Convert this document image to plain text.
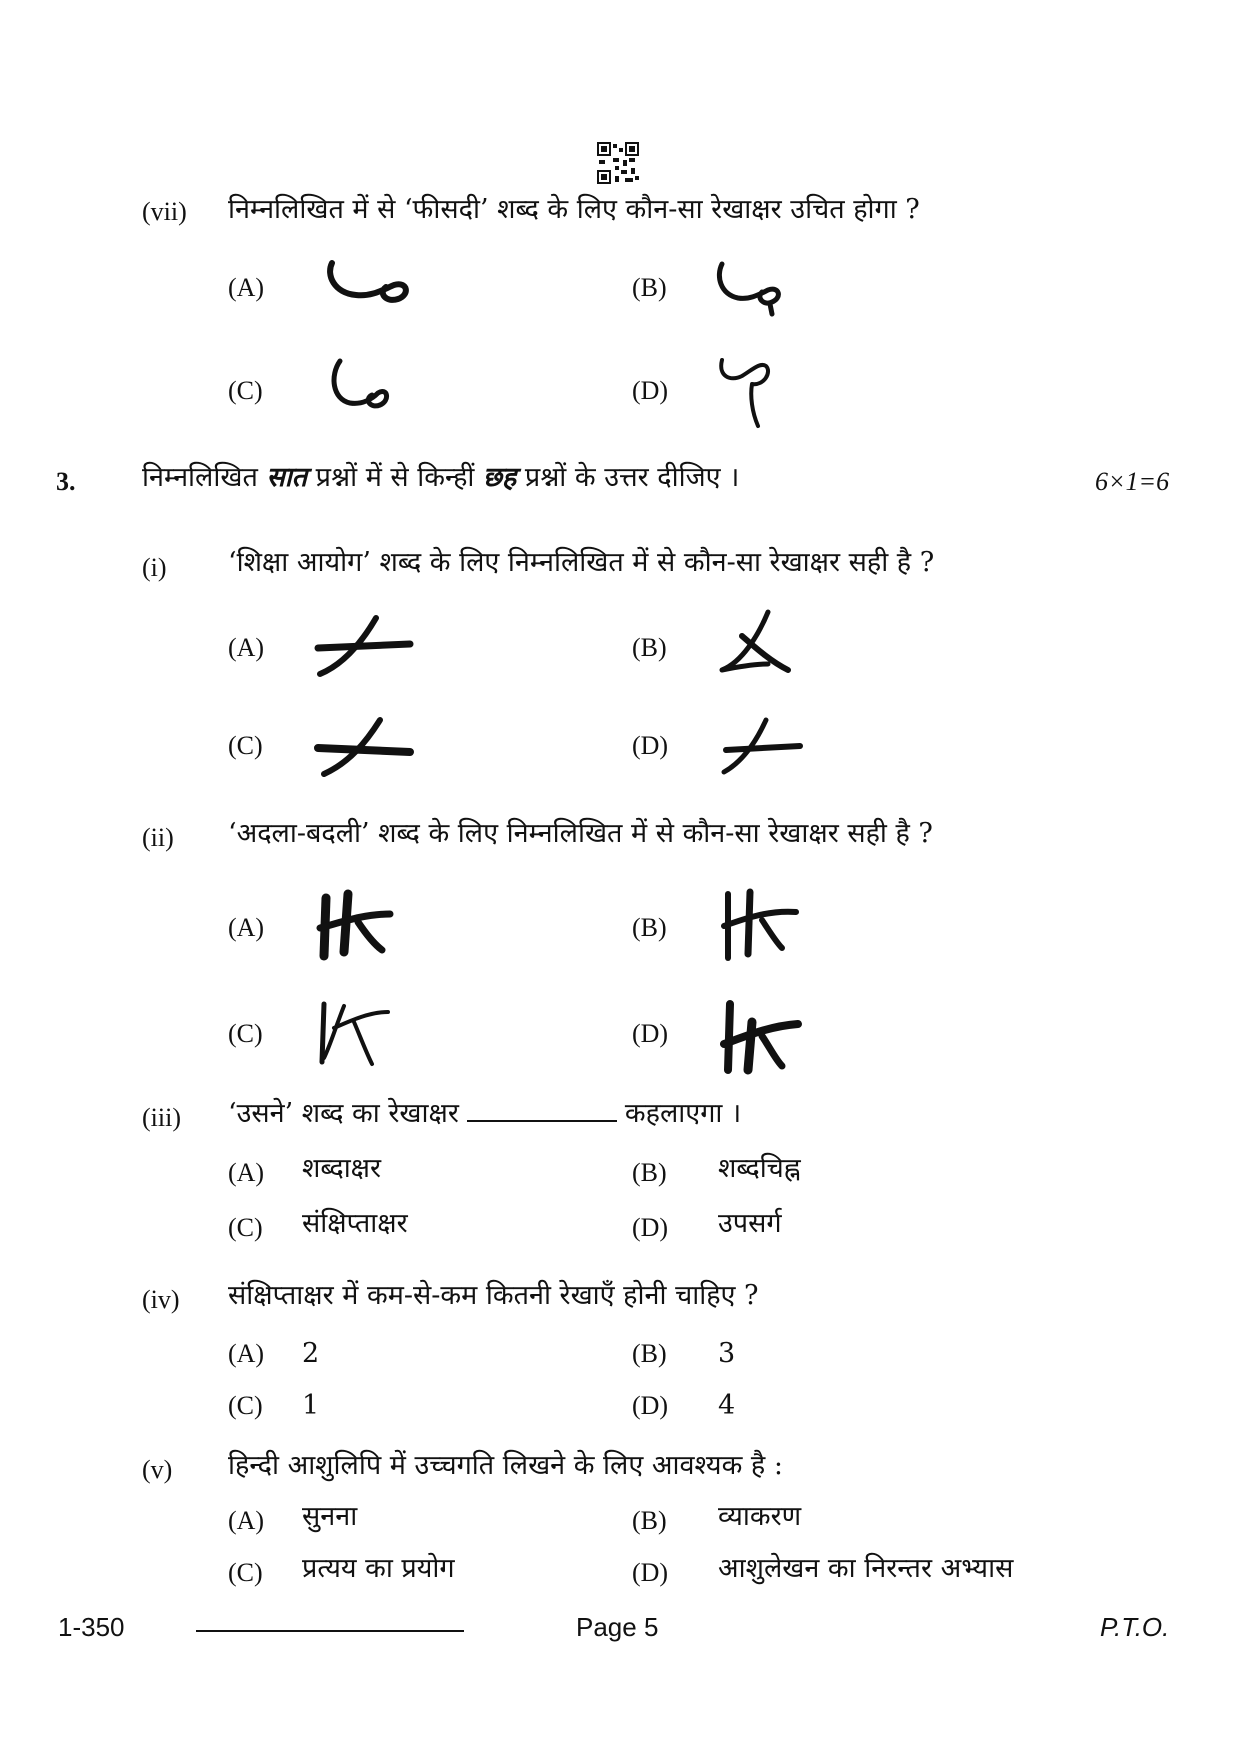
(vii) निम्नलिखित में से ‘फीसदी’ शब्द के लिए कौन-सा रेखाक्षर उचित होगा ?
(A)	(B)
(C)	(D)
3. निम्नलिखित सात प्रश्नों में से किन्हीं छह प्रश्नों के उत्तर दीजिए ।	6×1=6
(i) ‘शिक्षा आयोग’ शब्द के लिए निम्नलिखित में से कौन-सा रेखाक्षर सही है ?
(A)	(B)
(C)	(D)
(ii) ‘अदला-बदली’ शब्द के लिए निम्नलिखित में से कौन-सा रेखाक्षर सही है ?
(A)	(B)
(C)	(D)
(iii) ‘उसने’ शब्द का रेखाक्षर	कहलाएगा ।
(A) शब्दाक्षर	(B) शब्दचिह्न
(C) संक्षिप्ताक्षर	(D) उपसर्ग
(iv) संक्षिप्ताक्षर में कम-से-कम कितनी रेखाएँ होनी चाहिए ?
(A) 2	(B) 3
(C) 1	(D) 4
(v) हिन्दी आशुलिपि में उच्चगति लिखने के लिए आवश्यक है :
(A) सुनना	(B) व्याकरण
(C) प्रत्यय का प्रयोग	(D) आशुलेखन का निरन्तर अभ्यास
1-350	Page 5	P.T.O.
